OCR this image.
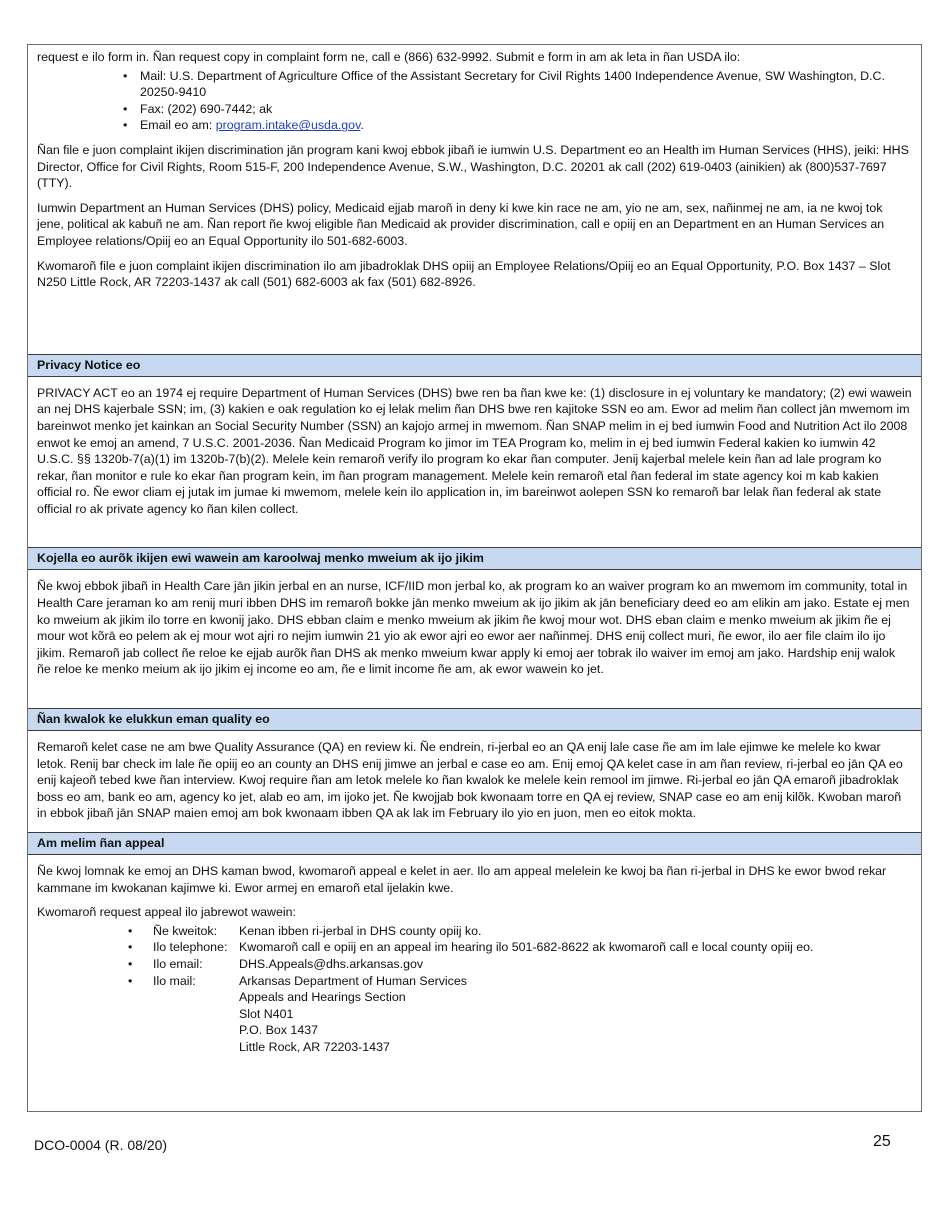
request e ilo form in. Ñan request copy in complaint form ne, call e (866) 632-9992. Submit e form in am ak leta in ñan USDA ilo:

• Mail: U.S. Department of Agriculture Office of the Assistant Secretary for Civil Rights 1400 Independence Avenue, SW Washington, D.C. 20250-9410
• Fax: (202) 690-7442; ak
• Email eo am: program.intake@usda.gov.

Ñan file e juon complaint ikijen discrimination jān program kani kwoj ebbok jibañ ie iumwin U.S. Department eo an Health im Human Services (HHS), jeiki: HHS Director, Office for Civil Rights, Room 515-F, 200 Independence Avenue, S.W., Washington, D.C. 20201 ak call (202) 619-0403 (ainikien) ak (800)537-7697 (TTY).

Iumwin Department an Human Services (DHS) policy, Medicaid ejjab maroñ in deny ki kwe kin race ne am, yio ne am, sex, nañinmej ne am, ia ne kwoj tok jene, political ak kabuñ ne am. Ñan report ñe kwoj eligible ñan Medicaid ak provider discrimination, call e opiij en an Department en an Human Services an Employee relations/Opiij eo an Equal Opportunity ilo 501-682-6003.

Kwomaroñ file e juon complaint ikijen discrimination ilo am jibadroklak DHS opiij an Employee Relations/Opiij eo an Equal Opportunity, P.O. Box 1437 – Slot N250 Little Rock, AR 72203-1437 ak call (501) 682-6003 ak fax (501) 682-8926.

Privacy Notice eo

PRIVACY ACT eo an 1974 ej require Department of Human Services (DHS) bwe ren ba ñan kwe ke: (1) disclosure in ej voluntary ke mandatory; (2) ewi wawein an nej DHS kajerbale SSN; im, (3) kakien e oak regulation ko ej lelak melim ñan DHS bwe ren kajitoke SSN eo am. Ewor ad melim ñan collect jān mwemom im bareinwot menko jet kainkan an Social Security Number (SSN) an kajojo armej in mwemom. Ñan SNAP melim in ej bed iumwin Food and Nutrition Act ilo 2008 enwot ke emoj an amend, 7 U.S.C. 2001-2036. Ñan Medicaid Program ko jimor im TEA Program ko, melim in ej bed iumwin Federal kakien ko iumwin 42 U.S.C. §§ 1320b-7(a)(1) im 1320b-7(b)(2). Melele kein remaroñ verify ilo program ko ekar ñan computer. Jenij kajerbal melele kein ñan ad lale program ko rekar, ñan monitor e rule ko ekar ñan program kein, im ñan program management. Melele kein remaroñ etal ñan federal im state agency koi m kab kakien official ro. Ñe ewor cliam ej jutak im jumae ki mwemom, melele kein ilo application in, im bareinwot aolepen SSN ko remaroñ bar lelak ñan federal ak state official ro ak private agency ko ñan kilen collect.

Kojella eo aurõk ikijen ewi wawein am karoolwaj menko mweium ak ijo jikim

Ñe kwoj ebbok jibañ in Health Care jān jikin jerbal en an nurse, ICF/IID mon jerbal ko, ak program ko an waiver program ko an mwemom im community, total in Health Care jeraman ko am renij muri ibben DHS im remaroñ bokke jān menko mweium ak ijo jikim ak jān beneficiary deed eo am elikin am jako. Estate ej men ko mweium ak jikim ilo torre en kwonij jako. DHS ebban claim e menko mweium ak jikim ñe kwoj mour wot. DHS eban claim e menko mweium ak jikim ñe ej mour wot kõrā eo pelem ak ej mour wot ajri ro nejim iumwin 21 yio ak ewor ajri eo ewor aer nañinmej. DHS enij collect muri, ñe ewor, ilo aer file claim ilo ijo jikim. Remaroñ jab collect ñe reloe ke ejjab aurõk ñan DHS ak menko mweium kwar apply ki emoj aer tobrak ilo waiver im emoj am jako. Hardship enij walok ñe reloe ke menko meium ak ijo jikim ej income eo am, ñe e limit income ñe am, ak ewor wawein ko jet.

Ñan kwalok ke elukkun eman quality eo

Remaroñ kelet case ne am bwe Quality Assurance (QA) en review ki. Ñe endrein, ri-jerbal eo an QA enij lale case ñe am im lale ejimwe ke melele ko kwar letok. Renij bar check im lale ñe opiij eo an county an DHS enij jimwe an jerbal e case eo am. Enij emoj QA kelet case in am ñan review, ri-jerbal eo jān QA eo enij kajeoñ tebed kwe ñan interview. Kwoj require ñan am letok melele ko ñan kwalok ke melele kein remool im jimwe. Ri-jerbal eo jān QA emaroñ jibadroklak boss eo am, bank eo am, agency ko jet, alab eo am, im ijoko jet. Ñe kwojjab bok kwonaam torre en QA ej review, SNAP case eo am enij kilõk. Kwoban maroñ in ebbok jibañ jān SNAP maien emoj am bok kwonaam ibben QA ak lak im February ilo yio en juon, men eo eitok mokta.

Am melim ñan appeal

Ñe kwoj lomnak ke emoj an DHS kaman bwod, kwomaroñ appeal e kelet in aer. Ilo am appeal melelein ke kwoj ba ñan ri-jerbal in DHS ke ewor bwod rekar kammane im kwokanan kajimwe ki. Ewor armej en emaroñ etal ijelakin kwe.

Kwomaroñ request appeal ilo jabrewot wawein:

•	Ñe kweitok:	Kenan ibben ri-jerbal in DHS county opiij ko.
•	Ilo telephone: Kwomaroñ call e opiij en an appeal im hearing ilo 501-682-8622 ak kwomaroñ call e local county opiij eo.
•	Ilo email:	DHS.Appeals@dhs.arkansas.gov
•	Ilo mail:	Arkansas Department of Human Services
Appeals and Hearings Section
Slot N401
P.O. Box 1437
Little Rock, AR 72203-1437
DCO-0004 (R. 08/20)	25
